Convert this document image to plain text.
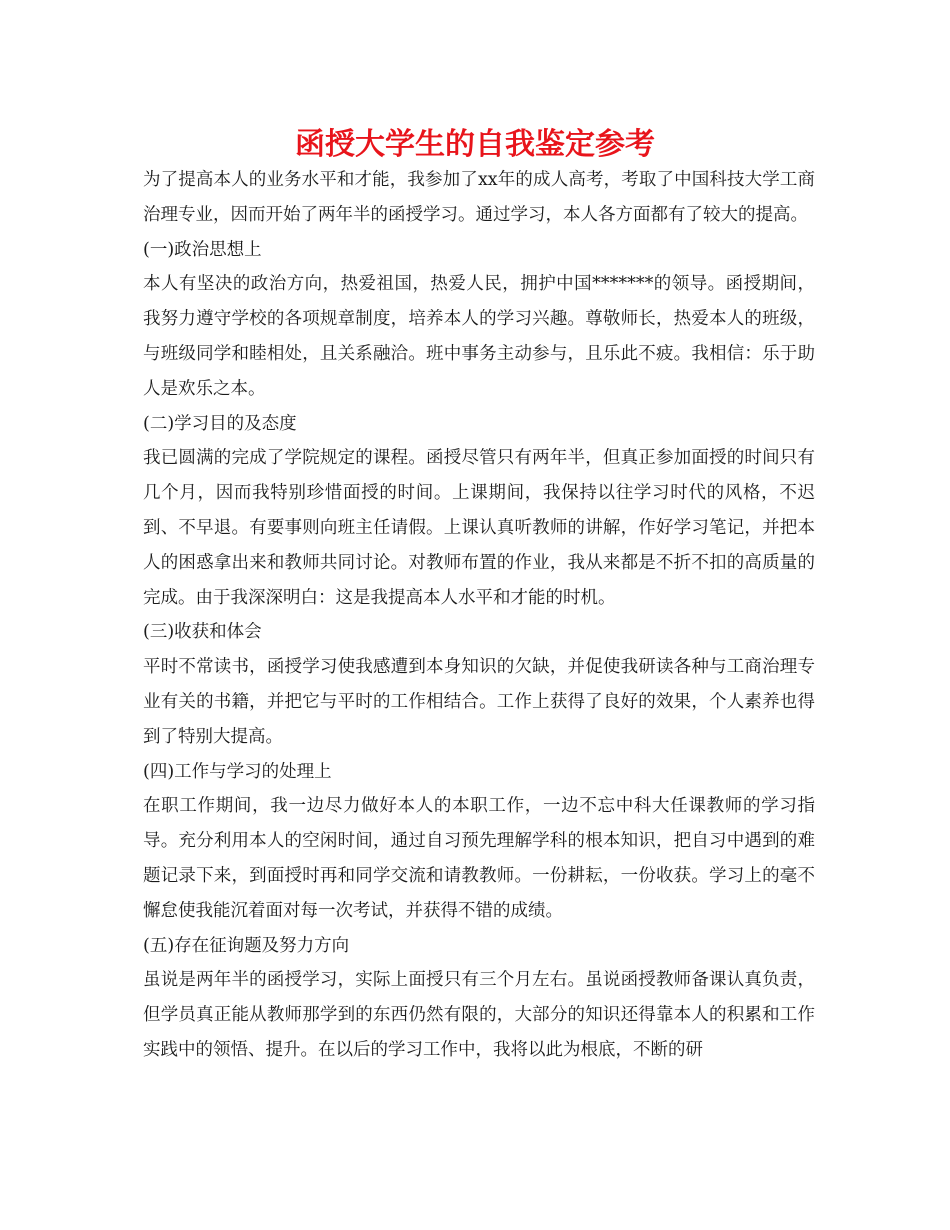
函授大学生的自我鉴定参考

为了提高本人的业务水平和才能，我参加了xx年的成人高考，考取了中国科技大学工商治理专业，因而开始了两年半的函授学习。通过学习，本人各方面都有了较大的提高。

(一)政治思想上

本人有坚决的政治方向，热爱祖国，热爱人民，拥护中国*******的领导。函授期间，我努力遵守学校的各项规章制度，培养本人的学习兴趣。尊敬师长，热爱本人的班级，与班级同学和睦相处，且关系融洽。班中事务主动参与，且乐此不疲。我相信：乐于助人是欢乐之本。

(二)学习目的及态度

我已圆满的完成了学院规定的课程。函授尽管只有两年半，但真正参加面授的时间只有几个月，因而我特别珍惜面授的时间。上课期间，我保持以往学习时代的风格，不迟到、不早退。有要事则向班主任请假。上课认真听教师的讲解，作好学习笔记，并把本人的困惑拿出来和教师共同讨论。对教师布置的作业，我从来都是不折不扣的高质量的完成。由于我深深明白：这是我提高本人水平和才能的时机。

(三)收获和体会

平时不常读书，函授学习使我感遭到本身知识的欠缺，并促使我研读各种与工商治理专业有关的书籍，并把它与平时的工作相结合。工作上获得了良好的效果，个人素养也得到了特别大提高。

(四)工作与学习的处理上

在职工作期间，我一边尽力做好本人的本职工作，一边不忘中科大任课教师的学习指导。充分利用本人的空闲时间，通过自习预先理解学科的根本知识，把自习中遇到的难题记录下来，到面授时再和同学交流和请教教师。一份耕耘，一份收获。学习上的毫不懈怠使我能沉着面对每一次考试，并获得不错的成绩。

(五)存在征询题及努力方向

虽说是两年半的函授学习，实际上面授只有三个月左右。虽说函授教师备课认真负责，但学员真正能从教师那学到的东西仍然有限的，大部分的知识还得靠本人的积累和工作实践中的领悟、提升。在以后的学习工作中，我将以此为根底，不断的研
